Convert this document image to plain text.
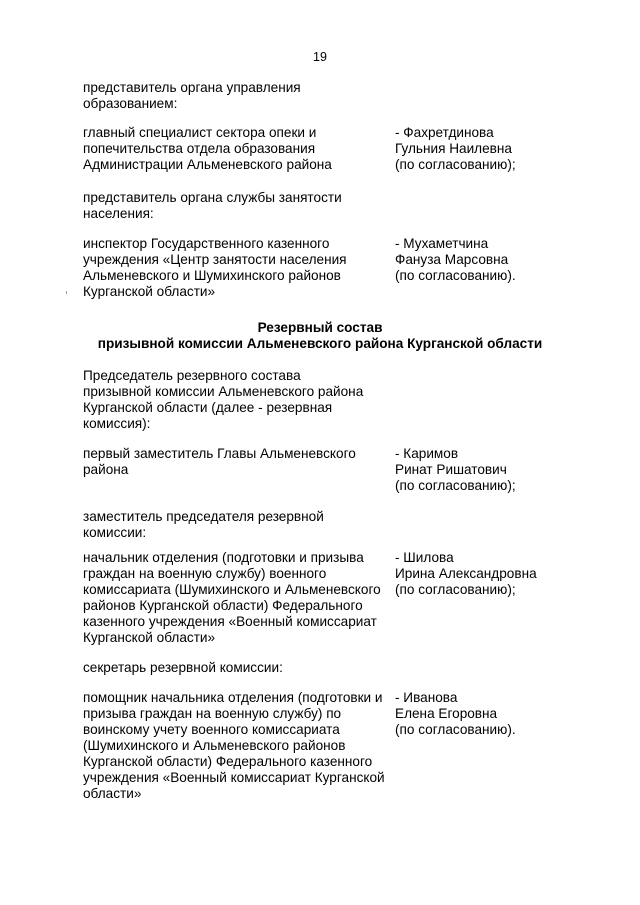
19
представитель органа управления
образованием:
главный специалист сектора опеки и
попечительства отдела образования
Администрации Альменевского района
- Фахретдинова
Гульния Наилевна
(по согласованию);
представитель органа службы занятости
населения:
инспектор Государственного казенного
учреждения «Центр занятости населения
Альменевского и Шумихинского районов
Курганской области»
- Мухаметчина
Фануза Марсовна
(по согласованию).
Резервный состав
призывной комиссии Альменевского района Курганской области
Председатель резервного состава
призывной комиссии Альменевского района
Курганской области (далее - резервная
комиссия):
первый заместитель Главы Альменевского
района
- Каримов
Ринат Ришатович
(по согласованию);
заместитель председателя резервной
комиссии:
начальник отделения (подготовки и призыва
граждан на военную службу) военного
комиссариата (Шумихинского и Альменевского
районов Курганской области) Федерального
казенного учреждения «Военный комиссариат
Курганской области»
- Шилова
Ирина Александровна
(по согласованию);
секретарь резервной комиссии:
помощник начальника отделения (подготовки и
призыва граждан на военную службу) по
воинскому учету военного комиссариата
(Шумихинского и Альменевского районов
Курганской области) Федерального казенного
учреждения «Военный комиссариат Курганской
области»
- Иванова
Елена Егоровна
(по согласованию).
